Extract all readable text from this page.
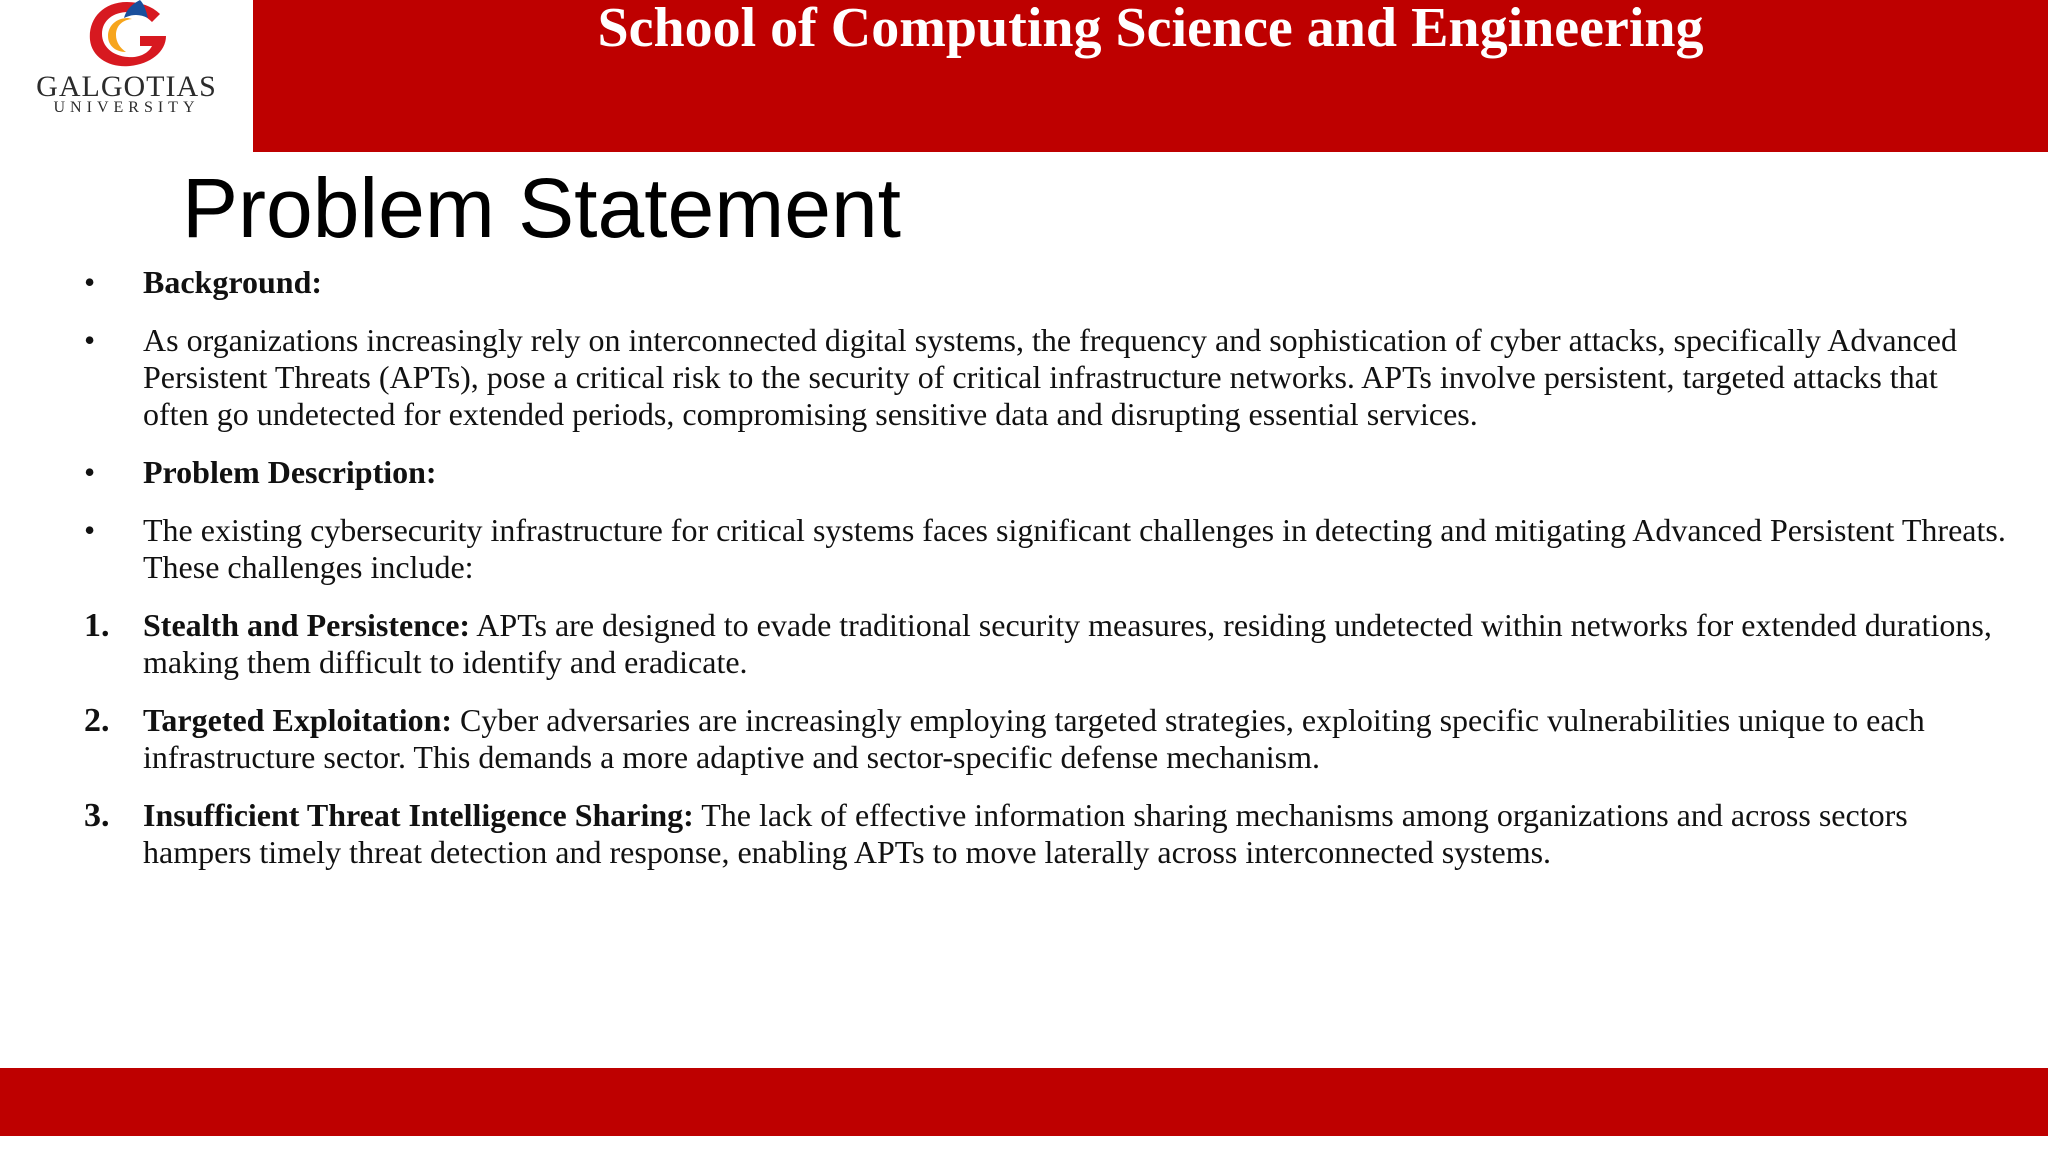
GALGOTIAS
UNIVERSITY
School of Computing Science and Engineering
Problem Statement
• Background:
• As organizations increasingly rely on interconnected digital systems, the frequency and sophistication of cyber attacks, specifically Advanced Persistent Threats (APTs), pose a critical risk to the security of critical infrastructure networks. APTs involve persistent, targeted attacks that often go undetected for extended periods, compromising sensitive data and disrupting essential services.
• Problem Description:
• The existing cybersecurity infrastructure for critical systems faces significant challenges in detecting and mitigating Advanced Persistent Threats. These challenges include:
1. Stealth and Persistence: APTs are designed to evade traditional security measures, residing undetected within networks for extended durations, making them difficult to identify and eradicate.
2. Targeted Exploitation: Cyber adversaries are increasingly employing targeted strategies, exploiting specific vulnerabilities unique to each infrastructure sector. This demands a more adaptive and sector-specific defense mechanism.
3. Insufficient Threat Intelligence Sharing: The lack of effective information sharing mechanisms among organizations and across sectors hampers timely threat detection and response, enabling APTs to move laterally across interconnected systems.
